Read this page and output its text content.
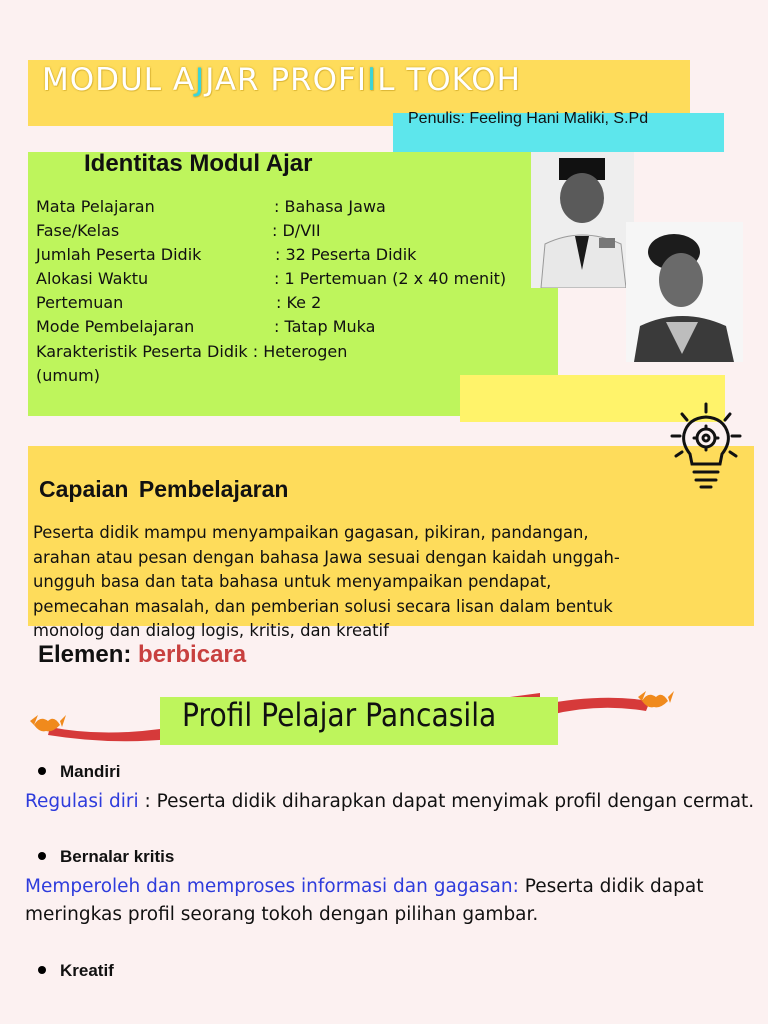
MODUL AJJAR PROFIIL TOKOH
Penulis: Feeling Hani Maliki, S.Pd
Identitas Modul Ajar
Mata Pelajaran	: Bahasa Jawa
Fase/Kelas	: D/VII
Jumlah Peserta Didik	: 32 Peserta Didik
Alokasi Waktu	: 1 Pertemuan (2 x 40 menit)
Pertemuan	: Ke 2
Mode Pembelajaran	: Tatap Muka
Karakteristik Peserta Didik : Heterogen
(umum)
Capaian Pembelajaran
Peserta didik mampu menyampaikan gagasan, pikiran, pandangan,
arahan atau pesan dengan bahasa Jawa sesuai dengan kaidah unggah-
ungguh basa dan tata bahasa untuk menyampaikan pendapat,
pemecahan masalah, dan pemberian solusi secara lisan dalam bentuk
monolog dan dialog logis, kritis, dan kreatif
Elemen: berbicara
Profil Pelajar Pancasila
Mandiri
Regulasi diri : Peserta didik diharapkan dapat menyimak profil dengan cermat.
Bernalar kritis
Memperoleh dan memproses informasi dan gagasan: Peserta didik dapat meringkas profil seorang tokoh dengan pilihan gambar.
Kreatif
